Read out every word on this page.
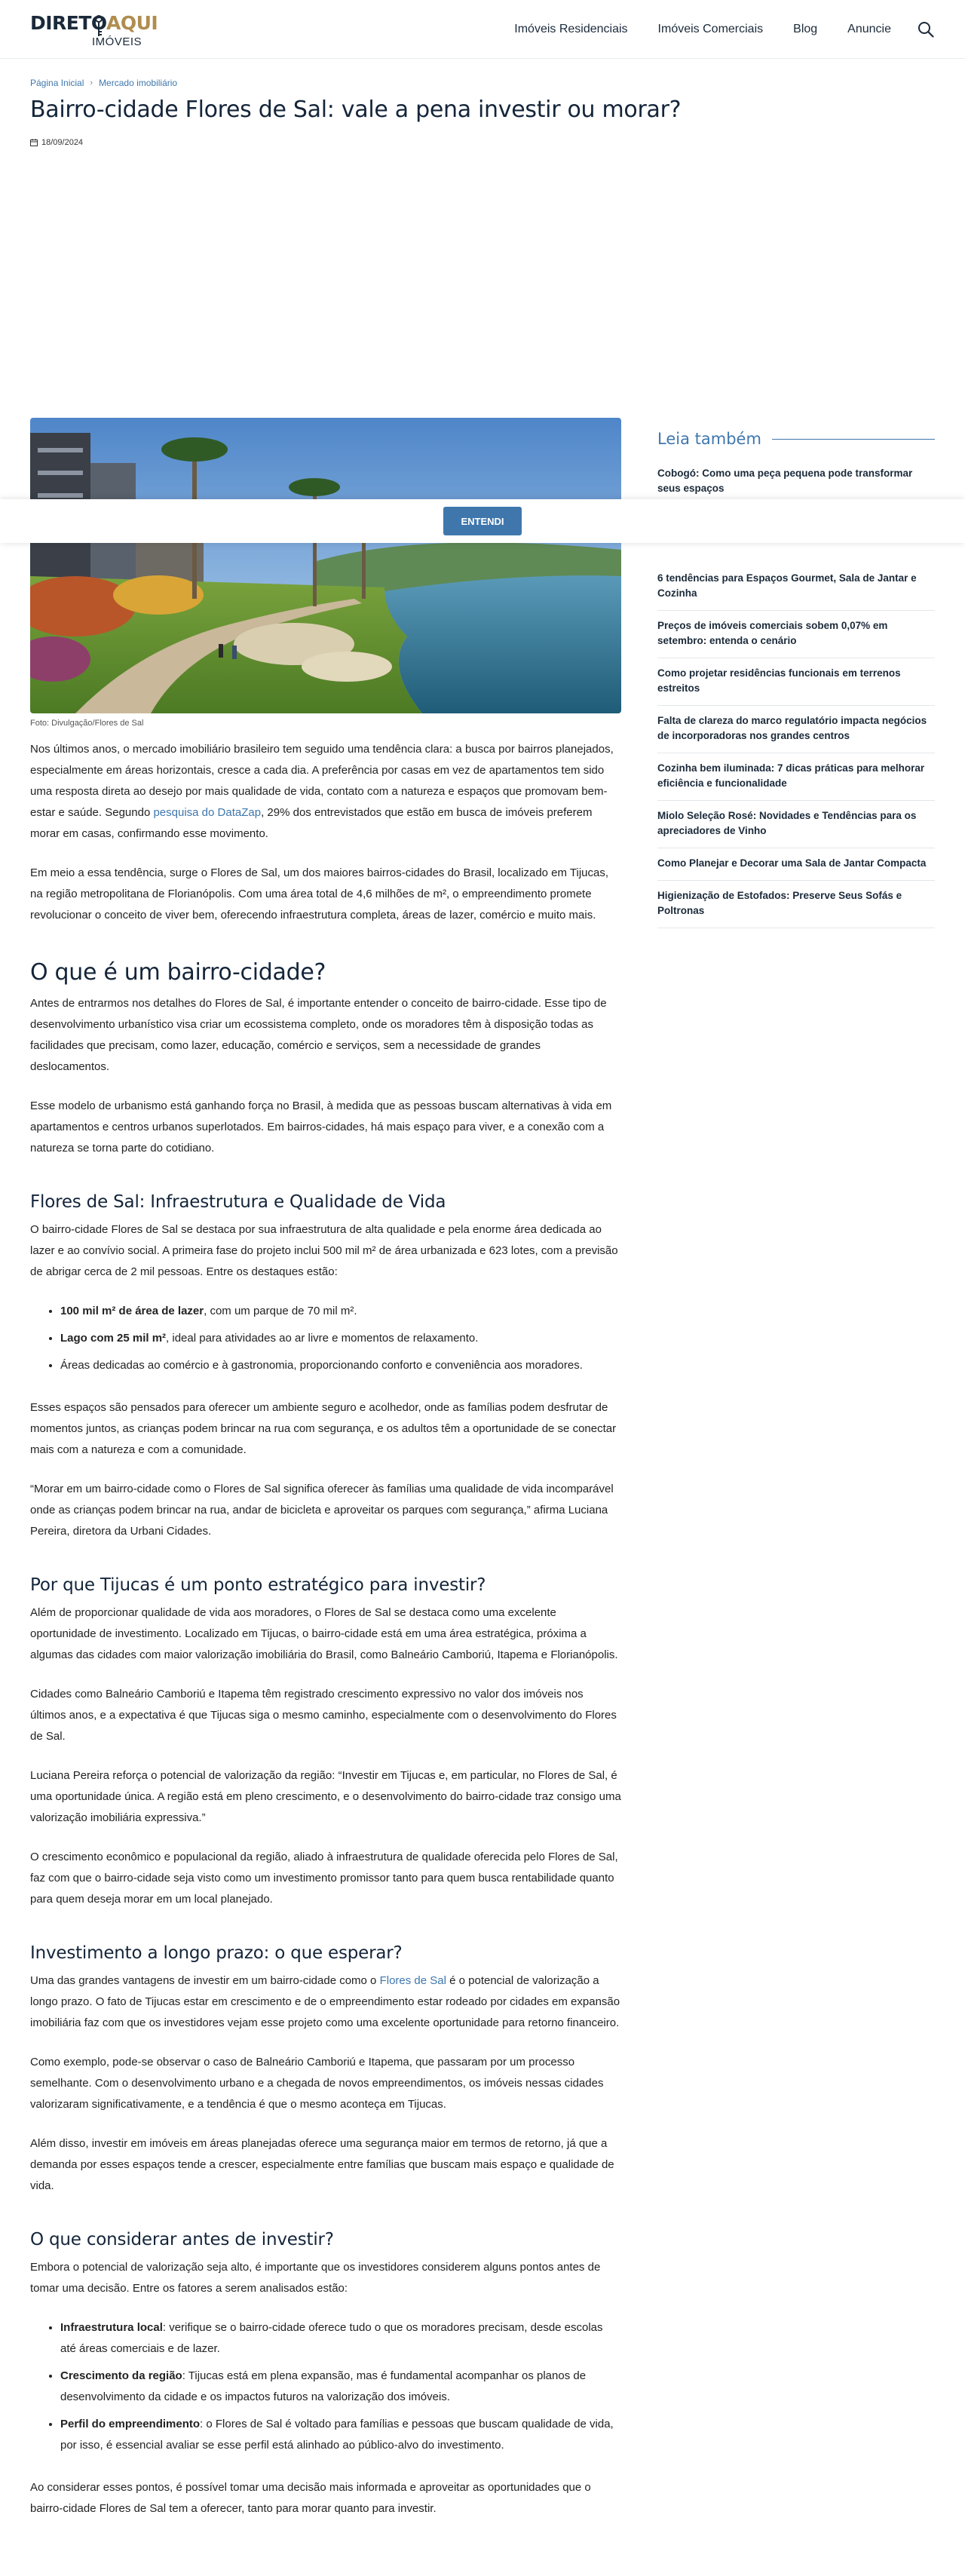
DIRETOAQUI
IMÓVEIS
Imóveis Residenciais	Imóveis Comerciais	Blog	Anuncie
Página Inicial › Mercado imobiliário
Bairro-cidade Flores de Sal: vale a pena investir ou morar?
18/09/2024
Foto: Divulgação/Flores de Sal

Nos últimos anos, o mercado imobiliário brasileiro tem seguido uma tendência clara: a busca por bairros planejados, especialmente em áreas horizontais, cresce a cada dia. A preferência por casas em vez de apartamentos tem sido uma resposta direta ao desejo por mais qualidade de vida, contato com a natureza e espaços que promovam bem-estar e saúde. Segundo pesquisa do DataZap, 29% dos entrevistados que estão em busca de imóveis preferem morar em casas, confirmando esse movimento.

Em meio a essa tendência, surge o Flores de Sal, um dos maiores bairros-cidades do Brasil, localizado em Tijucas, na região metropolitana de Florianópolis. Com uma área total de 4,6 milhões de m², o empreendimento promete revolucionar o conceito de viver bem, oferecendo infraestrutura completa, áreas de lazer, comércio e muito mais.

O que é um bairro-cidade?

Antes de entrarmos nos detalhes do Flores de Sal, é importante entender o conceito de bairro-cidade. Esse tipo de desenvolvimento urbanístico visa criar um ecossistema completo, onde os moradores têm à disposição todas as facilidades que precisam, como lazer, educação, comércio e serviços, sem a necessidade de grandes deslocamentos.

Esse modelo de urbanismo está ganhando força no Brasil, à medida que as pessoas buscam alternativas à vida em apartamentos e centros urbanos superlotados. Em bairros-cidades, há mais espaço para viver, e a conexão com a natureza se torna parte do cotidiano.

Flores de Sal: Infraestrutura e Qualidade de Vida

O bairro-cidade Flores de Sal se destaca por sua infraestrutura de alta qualidade e pela enorme área dedicada ao lazer e ao convívio social. A primeira fase do projeto inclui 500 mil m² de área urbanizada e 623 lotes, com a previsão de abrigar cerca de 2 mil pessoas. Entre os destaques estão:

• 100 mil m² de área de lazer, com um parque de 70 mil m².
• Lago com 25 mil m², ideal para atividades ao ar livre e momentos de relaxamento.
• Áreas dedicadas ao comércio e à gastronomia, proporcionando conforto e conveniência aos moradores.

Esses espaços são pensados para oferecer um ambiente seguro e acolhedor, onde as famílias podem desfrutar de momentos juntos, as crianças podem brincar na rua com segurança, e os adultos têm a oportunidade de se conectar mais com a natureza e com a comunidade.

“Morar em um bairro-cidade como o Flores de Sal significa oferecer às famílias uma qualidade de vida incomparável onde as crianças podem brincar na rua, andar de bicicleta e aproveitar os parques com segurança,” afirma Luciana Pereira, diretora da Urbani Cidades.

Por que Tijucas é um ponto estratégico para investir?

Além de proporcionar qualidade de vida aos moradores, o Flores de Sal se destaca como uma excelente oportunidade de investimento. Localizado em Tijucas, o bairro-cidade está em uma área estratégica, próxima a algumas das cidades com maior valorização imobiliária do Brasil, como Balneário Camboriú, Itapema e Florianópolis.

Cidades como Balneário Camboriú e Itapema têm registrado crescimento expressivo no valor dos imóveis nos últimos anos, e a expectativa é que Tijucas siga o mesmo caminho, especialmente com o desenvolvimento do Flores de Sal.

Luciana Pereira reforça o potencial de valorização da região: “Investir em Tijucas e, em particular, no Flores de Sal, é uma oportunidade única. A região está em pleno crescimento, e o desenvolvimento do bairro-cidade traz consigo uma valorização imobiliária expressiva.”

O crescimento econômico e populacional da região, aliado à infraestrutura de qualidade oferecida pelo Flores de Sal, faz com que o bairro-cidade seja visto como um investimento promissor tanto para quem busca rentabilidade quanto para quem deseja morar em um local planejado.

Investimento a longo prazo: o que esperar?

Uma das grandes vantagens de investir em um bairro-cidade como o Flores de Sal é o potencial de valorização a longo prazo. O fato de Tijucas estar em crescimento e de o empreendimento estar rodeado por cidades em expansão imobiliária faz com que os investidores vejam esse projeto como uma excelente oportunidade para retorno financeiro.

Como exemplo, pode-se observar o caso de Balneário Camboriú e Itapema, que passaram por um processo semelhante. Com o desenvolvimento urbano e a chegada de novos empreendimentos, os imóveis nessas cidades valorizaram significativamente, e a tendência é que o mesmo aconteça em Tijucas.

Além disso, investir em imóveis em áreas planejadas oferece uma segurança maior em termos de retorno, já que a demanda por esses espaços tende a crescer, especialmente entre famílias que buscam mais espaço e qualidade de vida.

O que considerar antes de investir?

Embora o potencial de valorização seja alto, é importante que os investidores considerem alguns pontos antes de tomar uma decisão. Entre os fatores a serem analisados estão:

• Infraestrutura local: verifique se o bairro-cidade oferece tudo o que os moradores precisam, desde escolas até áreas comerciais e de lazer.
• Crescimento da região: Tijucas está em plena expansão, mas é fundamental acompanhar os planos de desenvolvimento da cidade e os impactos futuros na valorização dos imóveis.
• Perfil do empreendimento: o Flores de Sal é voltado para famílias e pessoas que buscam qualidade de vida, por isso, é essencial avaliar se esse perfil está alinhado ao público-alvo do investimento.

Ao considerar esses pontos, é possível tomar uma decisão mais informada e aproveitar as oportunidades que o bairro-cidade Flores de Sal tem a oferecer, tanto para morar quanto para investir.

Leia também
Cobogó: Como uma peça pequena pode transformar seus espaços
6 tendências para Espaços Gourmet, Sala de Jantar e Cozinha
Preços de imóveis comerciais sobem 0,07% em setembro: entenda o cenário
Como projetar residências funcionais em terrenos estreitos
Falta de clareza do marco regulatório impacta negócios de incorporadoras nos grandes centros
Cozinha bem iluminada: 7 dicas práticas para melhorar eficiência e funcionalidade
Miolo Seleção Rosé: Novidades e Tendências para os apreciadores de Vinho
Como Planejar e Decorar uma Sala de Jantar Compacta
Higienização de Estofados: Preserve Seus Sofás e Poltronas
ENTENDI
